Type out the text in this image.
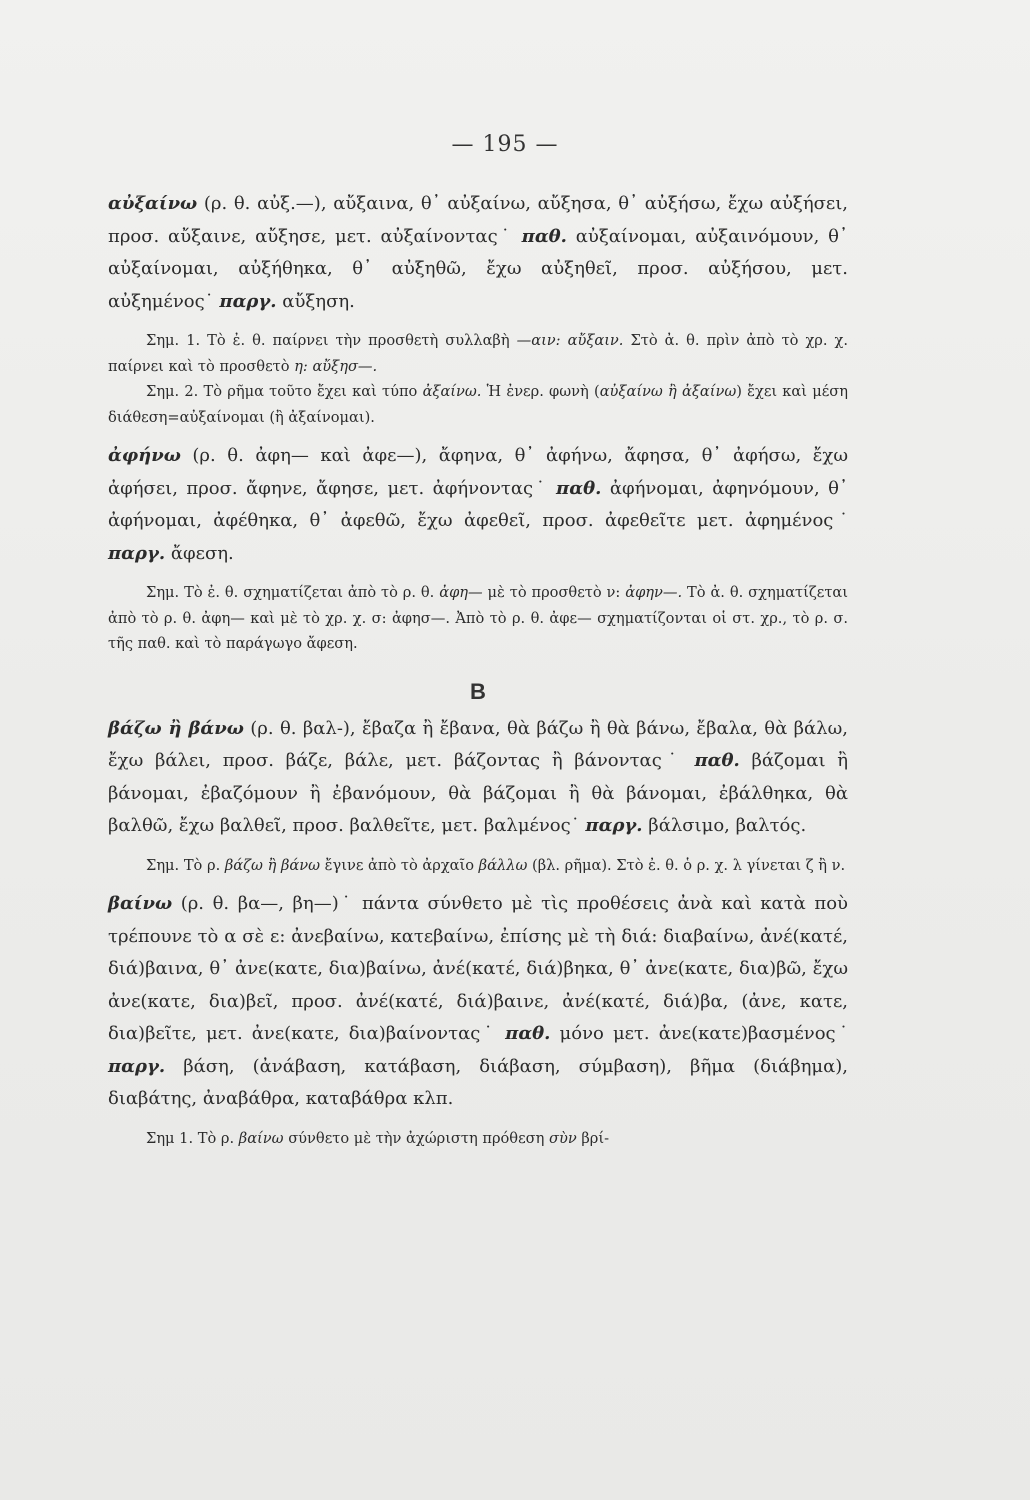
— 195 —

αὐξαίνω (ρ. θ. αὐξ.—), αὔξαινα, θ᾽ αὐξαίνω, αὔξησα, θ᾽ αὐξήσω, ἔχω αὐξήσει, προσ. αὔξαινε, αὔξησε, μετ. αὐξαίνοντας˙ παθ. αὐξαίνομαι, αὐξαινόμουν, θ᾽ αὐξαίνομαι, αὐξήθηκα, θ᾽ αὐξηθῶ, ἔχω αὐξηθεῖ, προσ. αὐξήσου, μετ. αὐξημένος˙ παργ. αὔξηση.

Σημ. 1. Τὸ ἐ. θ. παίρνει τὴν προσθετὴ συλλαβὴ —αιν: αὔξαιν. Στὸ ἀ. θ. πρὶν ἀπὸ τὸ χρ. χ. παίρνει καὶ τὸ προσθετὸ η: αὔξησ—.

Σημ. 2. Τὸ ρῆμα τοῦτο ἔχει καὶ τύπο ἀξαίνω. Ἡ ἐνερ. φωνὴ (αὐξαίνω ἢ ἀξαίνω) ἔχει καὶ μέση διάθεση=αὐξαίνομαι (ἢ ἀξαίνομαι).

ἀφήνω (ρ. θ. ἀφη— καὶ ἀφε—), ἄφηνα, θ᾽ ἀφήνω, ἄφησα, θ᾽ ἀφήσω, ἔχω ἀφήσει, προσ. ἄφηνε, ἄφησε, μετ. ἀφήνοντας˙ παθ. ἀφήνομαι, ἀφηνόμουν, θ᾽ ἀφήνομαι, ἀφέθηκα, θ᾽ ἀφεθῶ, ἔχω ἀφεθεῖ, προσ. ἀφεθεῖτε μετ. ἀφημένος˙ παργ. ἄφεση.

Σημ. Τὸ ἐ. θ. σχηματίζεται ἀπὸ τὸ ρ. θ. ἀφη— μὲ τὸ προσθετὸ ν: ἀφην—. Τὸ ἀ. θ. σχηματίζεται ἀπὸ τὸ ρ. θ. ἀφη— καὶ μὲ τὸ χρ. χ. σ: ἀφησ—. Ἀπὸ τὸ ρ. θ. ἀφε— σχηματίζονται οἱ στ. χρ., τὸ ρ. σ. τῆς παθ. καὶ τὸ παράγωγο ἄφεση.

Β

βάζω ἢ βάνω (ρ. θ. βαλ-), ἔβαζα ἢ ἔβανα, θὰ βάζω ἢ θὰ βάνω, ἔβαλα, θὰ βάλω, ἔχω βάλει, προσ. βάζε, βάλε, μετ. βάζοντας ἢ βάνοντας˙ παθ. βάζομαι ἢ βάνομαι, ἐβαζόμουν ἢ ἐβανόμουν, θὰ βάζομαι ἢ θὰ βάνομαι, ἐβάλθηκα, θὰ βαλθῶ, ἔχω βαλθεῖ, προσ. βαλθεῖτε, μετ. βαλμένος˙ παργ. βάλσιμο, βαλτός.

Σημ. Τὸ ρ. βάζω ἢ βάνω ἔγινε ἀπὸ τὸ ἀρχαῖο βάλλω (βλ. ρῆμα). Στὸ ἐ. θ. ὁ ρ. χ. λ γίνεται ζ ἢ ν.

βαίνω (ρ. θ. βα—, βη—)˙ πάντα σύνθετο μὲ τὶς προθέσεις ἀνὰ καὶ κατὰ ποὺ τρέπουνε τὸ α σὲ ε: ἀνεβαίνω, κατεβαίνω, ἐπίσης μὲ τὴ διά: διαβαίνω, ἀνέ(κατέ, διά)βαινα, θ᾽ ἀνε(κατε, δια)βαίνω, ἀνέ(κατέ, διά)βηκα, θ᾽ ἀνε(κατε, δια)βῶ, ἔχω ἀνε(κατε, δια)βεῖ, προσ. ἀνέ(κατέ, διά)βαινε, ἀνέ(κατέ, διά)βα, (ἀνε, κατε, δια)βεῖτε, μετ. ἀνε(κατε, δια)βαίνοντας˙ παθ. μόνο μετ. ἀνε(κατε)βασμένος˙ παργ. βάση, (ἀνάβαση, κατάβαση, διάβαση, σύμβαση), βῆμα (διάβημα), διαβάτης, ἀναβάθρα, καταβάθρα κλπ.

Σημ 1. Τὸ ρ. βαίνω σύνθετο μὲ τὴν ἀχώριστη πρόθεση σὺν βρί-
